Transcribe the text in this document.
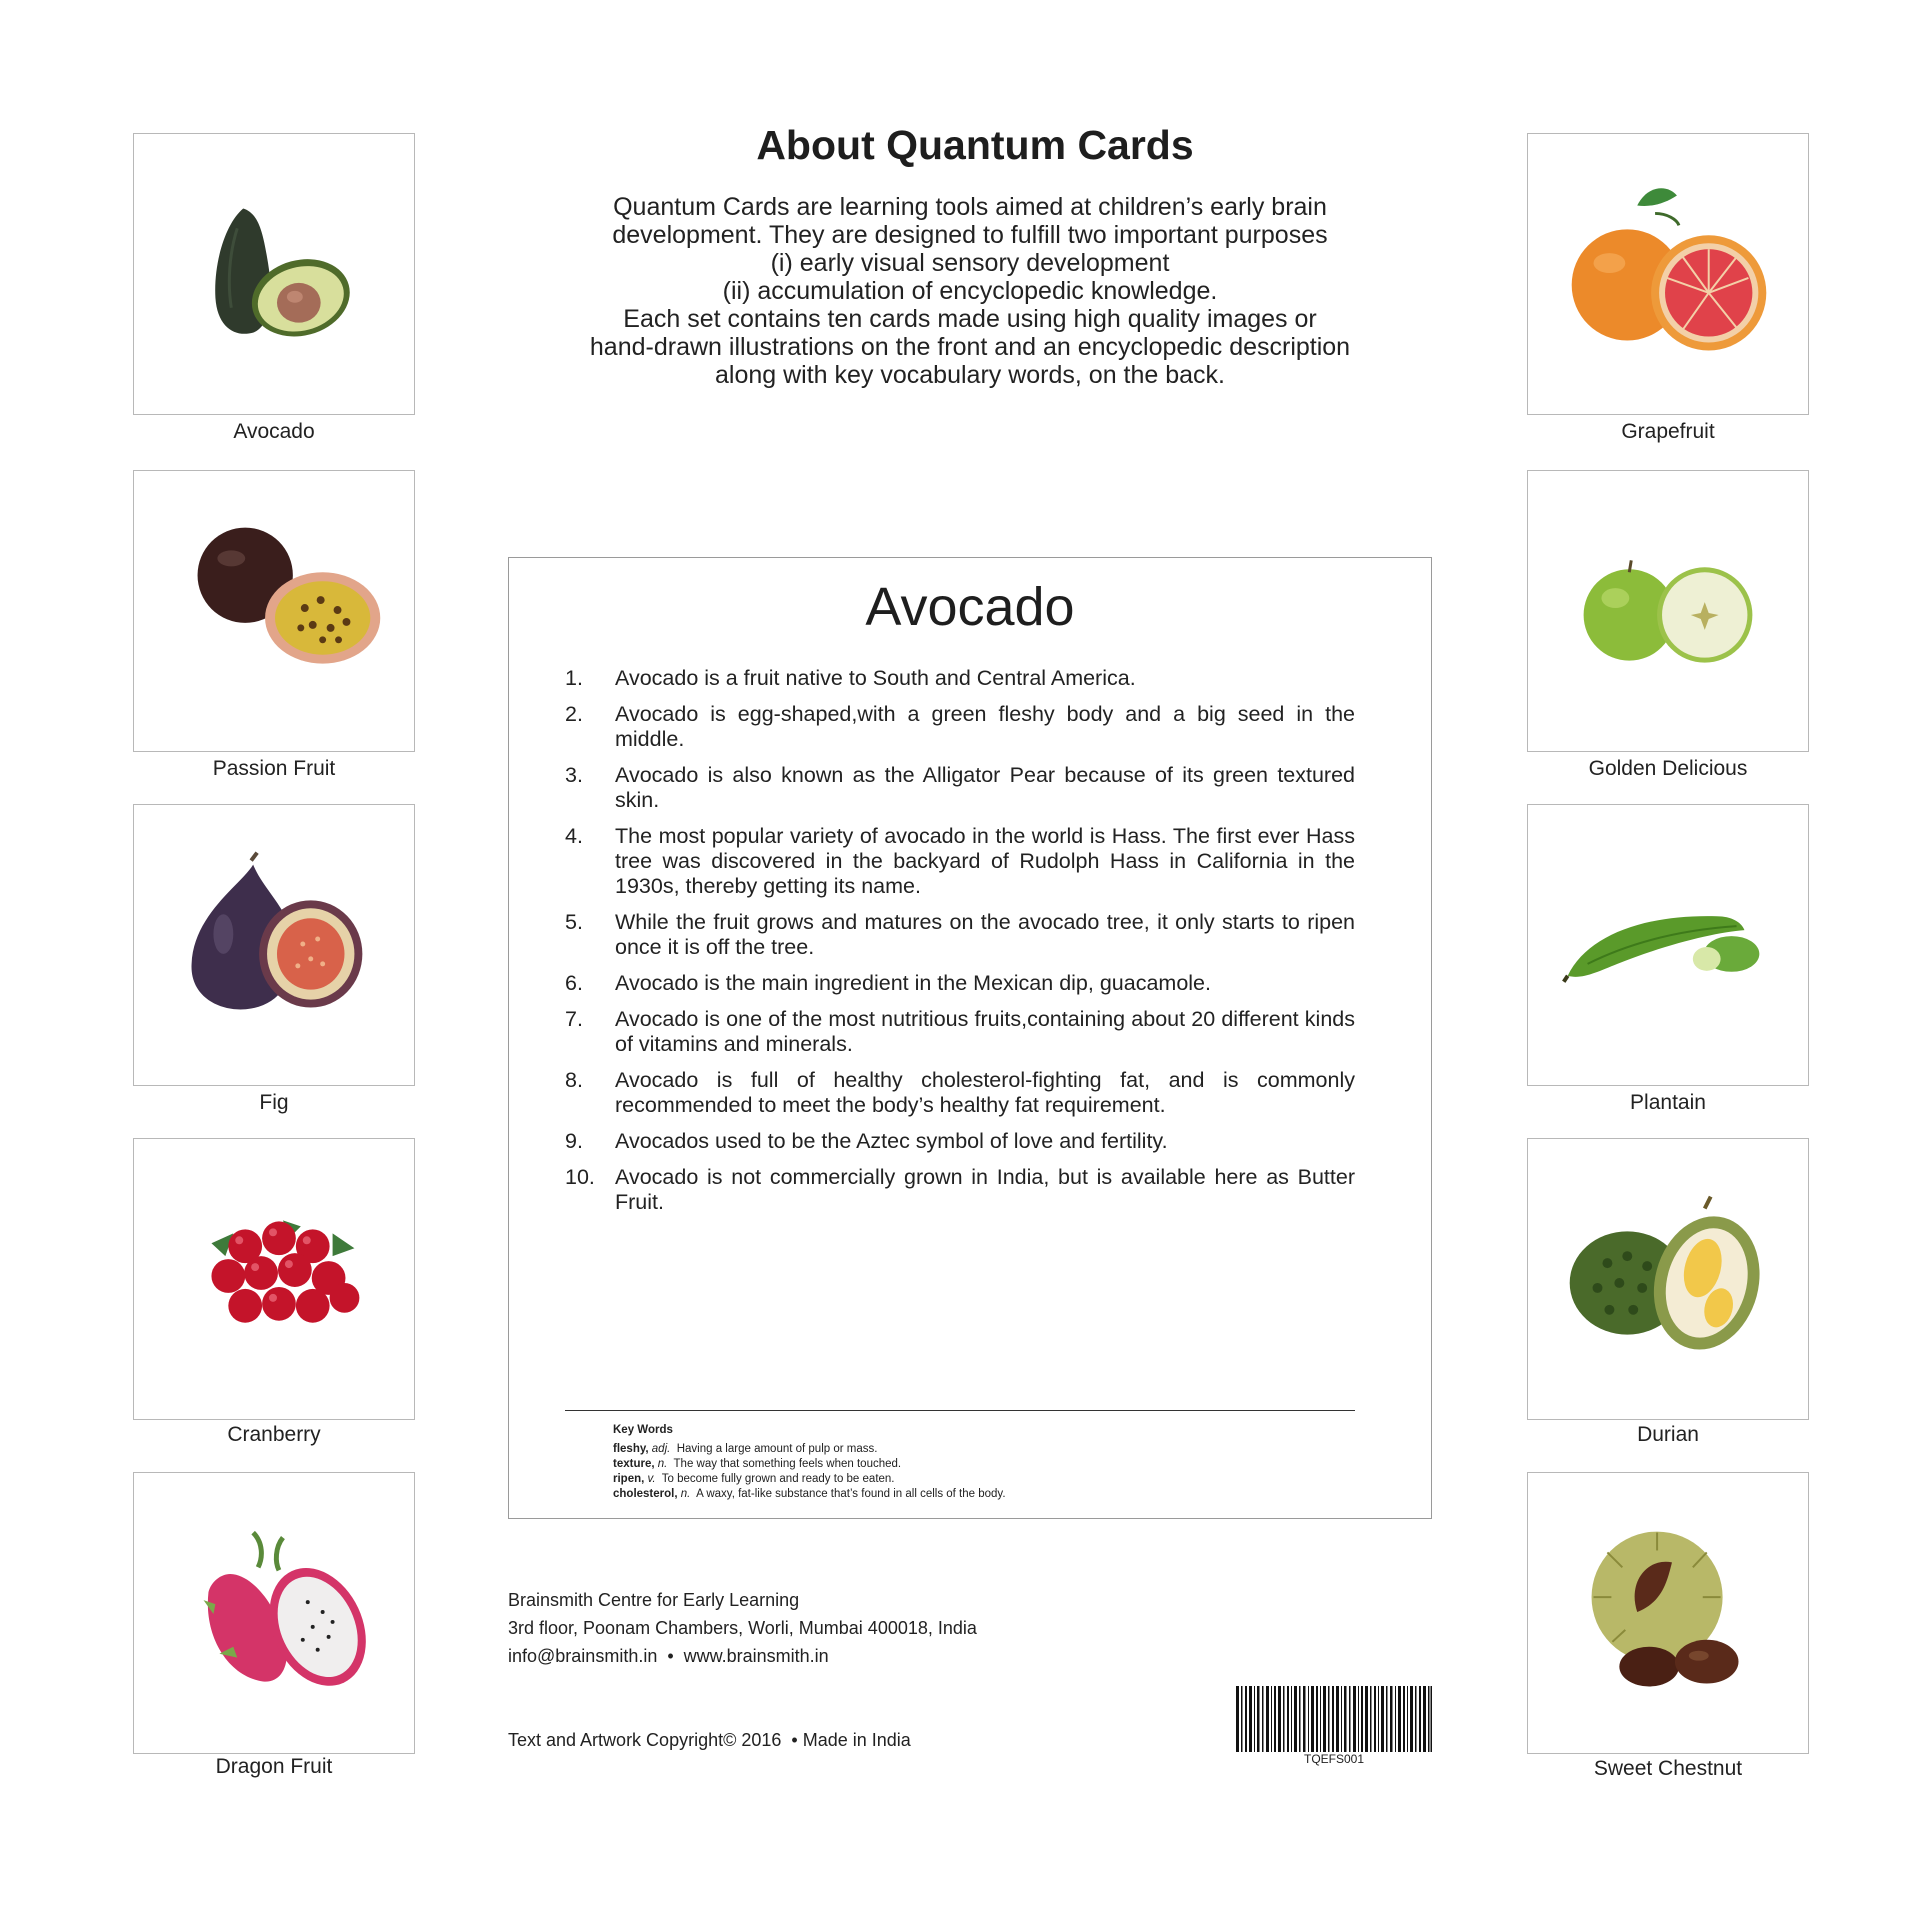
Avocado
Passion Fruit
Fig
Cranberry
Dragon Fruit
Grapefruit
Golden Delicious
Plantain
Durian
Sweet Chestnut
About Quantum Cards
Quantum Cards are learning tools aimed at children’s early brain
development. They are designed to fulfill two important purposes
(i) early visual sensory development
(ii) accumulation of encyclopedic knowledge.
Each set contains ten cards made using high quality images or
hand-drawn illustrations on the front and an encyclopedic description
along with key vocabulary words, on the back.
Avocado
1. Avocado is a fruit native to South and Central America.
2. Avocado is egg-shaped,with a green fleshy body and a big seed in the middle.
3. Avocado is also known as the Alligator Pear because of its green textured skin.
4. The most popular variety of avocado in the world is Hass. The first ever Hass tree was discovered in the backyard of Rudolph Hass in California in the 1930s, thereby getting its name.
5. While the fruit grows and matures on the avocado tree, it only starts to ripen once it is off the tree.
6. Avocado is the main ingredient in the Mexican dip, guacamole.
7. Avocado is one of the most nutritious fruits,containing about 20 different kinds of vitamins and minerals.
8. Avocado is full of healthy cholesterol-fighting fat, and is commonly recommended to meet the body’s healthy fat requirement.
9. Avocados used to be the Aztec symbol of love and fertility.
10. Avocado is not commercially grown in India, but is available here as Butter Fruit.
Key Words
fleshy, adj. Having a large amount of pulp or mass.
texture, n. The way that something feels when touched.
ripen, v. To become fully grown and ready to be eaten.
cholesterol, n. A waxy, fat-like substance that’s found in all cells of the body.
Brainsmith Centre for Early Learning
3rd floor, Poonam Chambers, Worli, Mumbai 400018, India
info@brainsmith.in  •  www.brainsmith.in
Text and Artwork Copyright© 2016  • Made in India
TQEFS001
